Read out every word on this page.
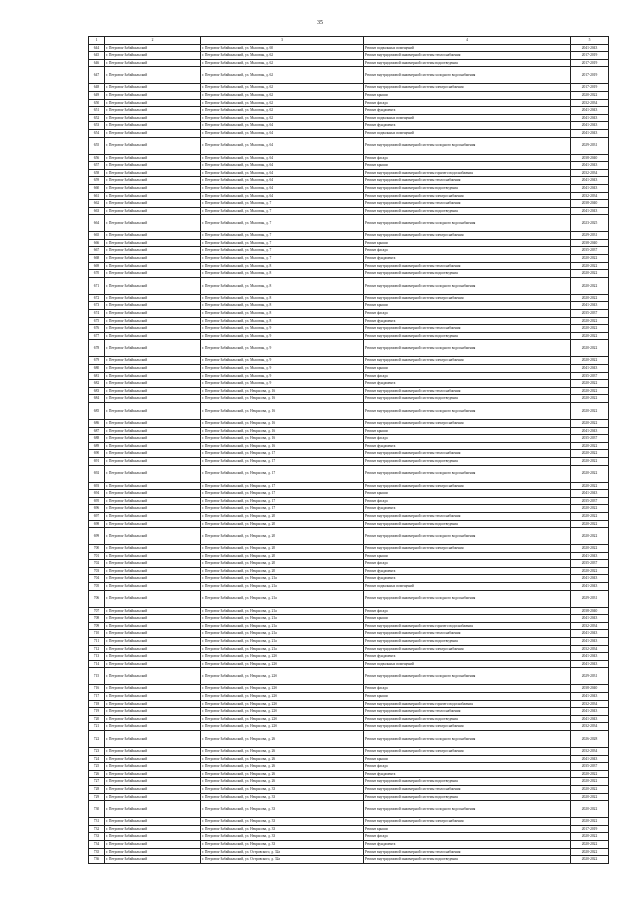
35
1	2	3	4	5
644	г. Петровск-Забайкальский	г. Петровск-Забайкальский, ул. Мысовая, д. 60	Ремонт подвальных помещений	2041-2043
645	г. Петровск-Забайкальский	г. Петровск-Забайкальский, ул. Мысовая, д. 62	Ремонт внутридомовой инженерной системы теплоснабжения	2017-2019
646	г. Петровск-Забайкальский	г. Петровск-Забайкальский, ул. Мысовая, д. 62	Ремонт внутридомовой инженерной системы водоотведения	2017-2019
647	г. Петровск-Забайкальский	г. Петровск-Забайкальский, ул. Мысовая, д. 62	Ремонт внутридомовой инженерной системы холодного водоснабжения	2017-2019
648	г. Петровск-Забайкальский	г. Петровск-Забайкальский, ул. Мысовая, д. 62	Ремонт внутридомовой инженерной системы электроснабжения	2017-2019
649	г. Петровск-Забайкальский	г. Петровск-Забайкальский, ул. Мысовая, д. 62	Ремонт крыши	2020-2022
650	г. Петровск-Забайкальский	г. Петровск-Забайкальский, ул. Мысовая, д. 62	Ремонт фасада	2032-2034
651	г. Петровск-Забайкальский	г. Петровск-Забайкальский, ул. Мысовая, д. 62	Ремонт фундамента	2041-2043
652	г. Петровск-Забайкальский	г. Петровск-Забайкальский, ул. Мысовая, д. 62	Ремонт подвальных помещений	2041-2043
653	г. Петровск-Забайкальский	г. Петровск-Забайкальский, ул. Мысовая, д. 64	Ремонт фундамента	2041-2043
654	г. Петровск-Забайкальский	г. Петровск-Забайкальский, ул. Мысовая, д. 64	Ремонт подвальных помещений	2041-2043
655	г. Петровск-Забайкальский	г. Петровск-Забайкальский, ул. Мысовая, д. 64	Ремонт внутридомовой инженерной системы холодного водоснабжения	2029-2031
656	г. Петровск-Забайкальский	г. Петровск-Забайкальский, ул. Мысовая, д. 64	Ремонт фасада	2038-2040
657	г. Петровск-Забайкальский	г. Петровск-Забайкальский, ул. Мысовая, д. 64	Ремонт крыши	2041-2043
658	г. Петровск-Забайкальский	г. Петровск-Забайкальский, ул. Мысовая, д. 64	Ремонт внутридомовой инженерной системы горячего водоснабжения	2032-2034
659	г. Петровск-Забайкальский	г. Петровск-Забайкальский, ул. Мысовая, д. 64	Ремонт внутридомовой инженерной системы теплоснабжения	2041-2043
660	г. Петровск-Забайкальский	г. Петровск-Забайкальский, ул. Мысовая, д. 64	Ремонт внутридомовой инженерной системы водоотведения	2041-2043
661	г. Петровск-Забайкальский	г. Петровск-Забайкальский, ул. Мысовая, д. 64	Ремонт внутридомовой инженерной системы электроснабжения	2032-2034
662	г. Петровск-Забайкальский	г. Петровск-Забайкальский, ул. Мысовая, д. 7	Ремонт внутридомовой инженерной системы теплоснабжения	2038-2040
663	г. Петровск-Забайкальский	г. Петровск-Забайкальский, ул. Мысовая, д. 7	Ремонт внутридомовой инженерной системы водоотведения	2041-2043
664	г. Петровск-Забайкальский	г. Петровск-Забайкальский, ул. Мысовая, д. 7	Ремонт внутридомовой инженерной системы холодного водоснабжения	2023-2025
665	г. Петровск-Забайкальский	г. Петровск-Забайкальский, ул. Мысовая, д. 7	Ремонт внутридомовой инженерной системы электроснабжения	2029-2031
666	г. Петровск-Забайкальский	г. Петровск-Забайкальский, ул. Мысовая, д. 7	Ремонт крыши	2038-2040
667	г. Петровск-Забайкальский	г. Петровск-Забайкальский, ул. Мысовая, д. 7	Ремонт фасада	2035-2037
668	г. Петровск-Забайкальский	г. Петровск-Забайкальский, ул. Мысовая, д. 7	Ремонт фундамента	2020-2022
669	г. Петровск-Забайкальский	г. Петровск-Забайкальский, ул. Мысовая, д. 8	Ремонт внутридомовой инженерной системы теплоснабжения	2020-2022
670	г. Петровск-Забайкальский	г. Петровск-Забайкальский, ул. Мысовая, д. 8	Ремонт внутридомовой инженерной системы водоотведения	2020-2022
671	г. Петровск-Забайкальский	г. Петровск-Забайкальский, ул. Мысовая, д. 8	Ремонт внутридомовой инженерной системы холодного водоснабжения	2020-2022
672	г. Петровск-Забайкальский	г. Петровск-Забайкальский, ул. Мысовая, д. 8	Ремонт внутридомовой инженерной системы электроснабжения	2020-2022
673	г. Петровск-Забайкальский	г. Петровск-Забайкальский, ул. Мысовая, д. 8	Ремонт крыши	2041-2043
674	г. Петровск-Забайкальский	г. Петровск-Забайкальский, ул. Мысовая, д. 8	Ремонт фасада	2035-2037
675	г. Петровск-Забайкальский	г. Петровск-Забайкальский, ул. Мысовая, д. 8	Ремонт фундамента	2020-2022
676	г. Петровск-Забайкальский	г. Петровск-Забайкальский, ул. Мысовая, д. 9	Ремонт внутридомовой инженерной системы теплоснабжения	2020-2022
677	г. Петровск-Забайкальский	г. Петровск-Забайкальский, ул. Мысовая, д. 9	Ремонт внутридомовой инженерной системы водоотведения	2020-2022
678	г. Петровск-Забайкальский	г. Петровск-Забайкальский, ул. Мысовая, д. 9	Ремонт внутридомовой инженерной системы холодного водоснабжения	2020-2022
679	г. Петровск-Забайкальский	г. Петровск-Забайкальский, ул. Мысовая, д. 9	Ремонт внутридомовой инженерной системы электроснабжения	2020-2022
680	г. Петровск-Забайкальский	г. Петровск-Забайкальский, ул. Мысовая, д. 9	Ремонт крыши	2041-2043
681	г. Петровск-Забайкальский	г. Петровск-Забайкальский, ул. Мысовая, д. 9	Ремонт фасада	2035-2037
682	г. Петровск-Забайкальский	г. Петровск-Забайкальский, ул. Мысовая, д. 9	Ремонт фундамента	2020-2022
683	г. Петровск-Забайкальский	г. Петровск-Забайкальский, ул. Некрасова, д. 16	Ремонт внутридомовой инженерной системы теплоснабжения	2020-2022
684	г. Петровск-Забайкальский	г. Петровск-Забайкальский, ул. Некрасова, д. 16	Ремонт внутридомовой инженерной системы водоотведения	2020-2022
685	г. Петровск-Забайкальский	г. Петровск-Забайкальский, ул. Некрасова, д. 16	Ремонт внутридомовой инженерной системы холодного водоснабжения	2020-2022
686	г. Петровск-Забайкальский	г. Петровск-Забайкальский, ул. Некрасова, д. 16	Ремонт внутридомовой инженерной системы электроснабжения	2020-2022
687	г. Петровск-Забайкальский	г. Петровск-Забайкальский, ул. Некрасова, д. 16	Ремонт крыши	2041-2043
688	г. Петровск-Забайкальский	г. Петровск-Забайкальский, ул. Некрасова, д. 16	Ремонт фасада	2035-2037
689	г. Петровск-Забайкальский	г. Петровск-Забайкальский, ул. Некрасова, д. 16	Ремонт фундамента	2020-2022
690	г. Петровск-Забайкальский	г. Петровск-Забайкальский, ул. Некрасова, д. 17	Ремонт внутридомовой инженерной системы теплоснабжения	2020-2022
691	г. Петровск-Забайкальский	г. Петровск-Забайкальский, ул. Некрасова, д. 17	Ремонт внутридомовой инженерной системы водоотведения	2020-2022
692	г. Петровск-Забайкальский	г. Петровск-Забайкальский, ул. Некрасова, д. 17	Ремонт внутридомовой инженерной системы холодного водоснабжения	2020-2022
693	г. Петровск-Забайкальский	г. Петровск-Забайкальский, ул. Некрасова, д. 17	Ремонт внутридомовой инженерной системы электроснабжения	2020-2022
694	г. Петровск-Забайкальский	г. Петровск-Забайкальский, ул. Некрасова, д. 17	Ремонт крыши	2041-2043
695	г. Петровск-Забайкальский	г. Петровск-Забайкальский, ул. Некрасова, д. 17	Ремонт фасада	2035-2037
696	г. Петровск-Забайкальский	г. Петровск-Забайкальский, ул. Некрасова, д. 17	Ремонт фундамента	2020-2022
697	г. Петровск-Забайкальский	г. Петровск-Забайкальский, ул. Некрасова, д. 20	Ремонт внутридомовой инженерной системы теплоснабжения	2020-2022
698	г. Петровск-Забайкальский	г. Петровск-Забайкальский, ул. Некрасова, д. 20	Ремонт внутридомовой инженерной системы водоотведения	2020-2022
699	г. Петровск-Забайкальский	г. Петровск-Забайкальский, ул. Некрасова, д. 20	Ремонт внутридомовой инженерной системы холодного водоснабжения	2020-2022
700	г. Петровск-Забайкальский	г. Петровск-Забайкальский, ул. Некрасова, д. 20	Ремонт внутридомовой инженерной системы электроснабжения	2020-2022
701	г. Петровск-Забайкальский	г. Петровск-Забайкальский, ул. Некрасова, д. 20	Ремонт крыши	2041-2043
702	г. Петровск-Забайкальский	г. Петровск-Забайкальский, ул. Некрасова, д. 20	Ремонт фасада	2035-2037
703	г. Петровск-Забайкальский	г. Петровск-Забайкальский, ул. Некрасова, д. 20	Ремонт фундамента	2020-2022
704	г. Петровск-Забайкальский	г. Петровск-Забайкальский, ул. Некрасова, д. 21а	Ремонт фундамента	2041-2043
705	г. Петровск-Забайкальский	г. Петровск-Забайкальский, ул. Некрасова, д. 21а	Ремонт подвальных помещений	2041-2043
706	г. Петровск-Забайкальский	г. Петровск-Забайкальский, ул. Некрасова, д. 21а	Ремонт внутридомовой инженерной системы холодного водоснабжения	2029-2031
707	г. Петровск-Забайкальский	г. Петровск-Забайкальский, ул. Некрасова, д. 21а	Ремонт фасада	2038-2040
708	г. Петровск-Забайкальский	г. Петровск-Забайкальский, ул. Некрасова, д. 21а	Ремонт крыши	2041-2043
709	г. Петровск-Забайкальский	г. Петровск-Забайкальский, ул. Некрасова, д. 21а	Ремонт внутридомовой инженерной системы горячего водоснабжения	2032-2034
710	г. Петровск-Забайкальский	г. Петровск-Забайкальский, ул. Некрасова, д. 21а	Ремонт внутридомовой инженерной системы теплоснабжения	2041-2043
711	г. Петровск-Забайкальский	г. Петровск-Забайкальский, ул. Некрасова, д. 21а	Ремонт внутридомовой инженерной системы водоотведения	2041-2043
712	г. Петровск-Забайкальский	г. Петровск-Забайкальский, ул. Некрасова, д. 21а	Ремонт внутридомовой инженерной системы электроснабжения	2032-2034
713	г. Петровск-Забайкальский	г. Петровск-Забайкальский, ул. Некрасова, д. 22б	Ремонт фундамента	2041-2043
714	г. Петровск-Забайкальский	г. Петровск-Забайкальский, ул. Некрасова, д. 22б	Ремонт подвальных помещений	2041-2043
715	г. Петровск-Забайкальский	г. Петровск-Забайкальский, ул. Некрасова, д. 22б	Ремонт внутридомовой инженерной системы холодного водоснабжения	2029-2031
716	г. Петровск-Забайкальский	г. Петровск-Забайкальский, ул. Некрасова, д. 22б	Ремонт фасада	2038-2040
717	г. Петровск-Забайкальский	г. Петровск-Забайкальский, ул. Некрасова, д. 22б	Ремонт крыши	2041-2043
718	г. Петровск-Забайкальский	г. Петровск-Забайкальский, ул. Некрасова, д. 22б	Ремонт внутридомовой инженерной системы горячего водоснабжения	2032-2034
719	г. Петровск-Забайкальский	г. Петровск-Забайкальский, ул. Некрасова, д. 22б	Ремонт внутридомовой инженерной системы теплоснабжения	2041-2043
720	г. Петровск-Забайкальский	г. Петровск-Забайкальский, ул. Некрасова, д. 22б	Ремонт внутридомовой инженерной системы водоотведения	2041-2043
721	г. Петровск-Забайкальский	г. Петровск-Забайкальский, ул. Некрасова, д. 22б	Ремонт внутридомовой инженерной системы электроснабжения	2032-2034
722	г. Петровск-Забайкальский	г. Петровск-Забайкальский, ул. Некрасова, д. 26	Ремонт внутридомовой инженерной системы холодного водоснабжения	2026-2028
723	г. Петровск-Забайкальский	г. Петровск-Забайкальский, ул. Некрасова, д. 26	Ремонт внутридомовой инженерной системы электроснабжения	2032-2034
724	г. Петровск-Забайкальский	г. Петровск-Забайкальский, ул. Некрасова, д. 26	Ремонт крыши	2041-2043
725	г. Петровск-Забайкальский	г. Петровск-Забайкальский, ул. Некрасова, д. 26	Ремонт фасада	2035-2037
726	г. Петровск-Забайкальский	г. Петровск-Забайкальский, ул. Некрасова, д. 26	Ремонт фундамента	2020-2022
727	г. Петровск-Забайкальский	г. Петровск-Забайкальский, ул. Некрасова, д. 26	Ремонт внутридомовой инженерной системы водоотведения	2020-2022
728	г. Петровск-Забайкальский	г. Петровск-Забайкальский, ул. Некрасова, д. 33	Ремонт внутридомовой инженерной системы теплоснабжения	2020-2022
729	г. Петровск-Забайкальский	г. Петровск-Забайкальский, ул. Некрасова, д. 33	Ремонт внутридомовой инженерной системы водоотведения	2020-2022
730	г. Петровск-Забайкальский	г. Петровск-Забайкальский, ул. Некрасова, д. 33	Ремонт внутридомовой инженерной системы холодного водоснабжения	2020-2022
731	г. Петровск-Забайкальский	г. Петровск-Забайкальский, ул. Некрасова, д. 33	Ремонт внутридомовой инженерной системы электроснабжения	2020-2022
732	г. Петровск-Забайкальский	г. Петровск-Забайкальский, ул. Некрасова, д. 33	Ремонт крыши	2017-2019
733	г. Петровск-Забайкальский	г. Петровск-Забайкальский, ул. Некрасова, д. 33	Ремонт фасада	2020-2022
734	г. Петровск-Забайкальский	г. Петровск-Забайкальский, ул. Некрасова, д. 33	Ремонт фундамента	2020-2022
735	г. Петровск-Забайкальский	г. Петровск-Забайкальский, ул. Островского, д. 32а	Ремонт внутридомовой инженерной системы теплоснабжения	2020-2022
736	г. Петровск-Забайкальский	г. Петровск-Забайкальский, ул. Островского, д. 32а	Ремонт внутридомовой инженерной системы водоотведения	2020-2022
